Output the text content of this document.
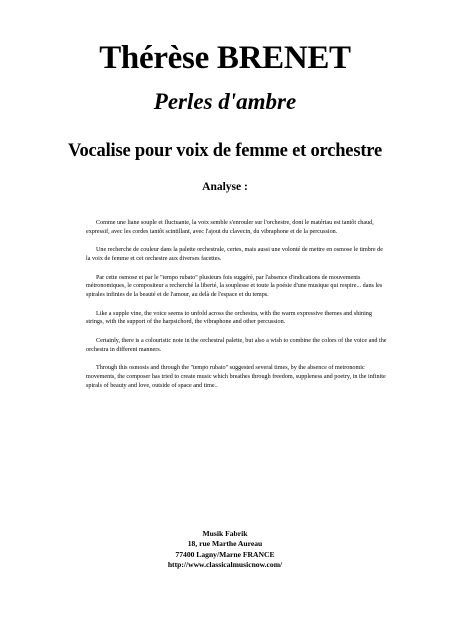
Thérèse BRENET
Perles d'ambre
Vocalise pour voix de femme et orchestre
Analyse :

Comme une liane souple et fluctuante, la voix semble s'enrouler sur l'orchestre, dont le matériau est tantôt chaud, expressif, avec les cordes tantôt scintillant, avec l'ajout du clavecin, du vibraphone et de la percussion.

Une recherche de couleur dans la palette orchestrale, certes, mais aussi une volonté de mettre en osmose le timbre de la voix de femme et cet orchestre aux diverses facettes.

Par cette osmose et par le "tempo rubato" plusieurs fois suggéré, par l'absence d'indications de mouvements métronomiques, le compositeur a recherché la liberté, la souplesse et toute la poésie d'une musique qui respire... dans les spirales infinies de la beauté et de l'amour, au delà de l'espace et du temps.

Like a supple vine, the voice seems to unfold across the orchestra, with the warm expressive themes and shining strings, with the support of the harpsichord, the vibraphone and other percussion.

Certainly, there is a colouristic note in the orchestral palette, but also a wish to combine the colors of the voice and the orchestra in different manners.

Through this osmosis and through the "tempo rubato" suggested several times, by the absence of metronomic movements, the composer has tried to create music which breathes through freedom, suppleness and poetry, in the infinite spirals of beauty and love, outside of space and time..

Musik Fabrik
18, rue Marthe Aureau
77400 Lagny/Marne FRANCE
http://www.classicalmusicnow.com/
